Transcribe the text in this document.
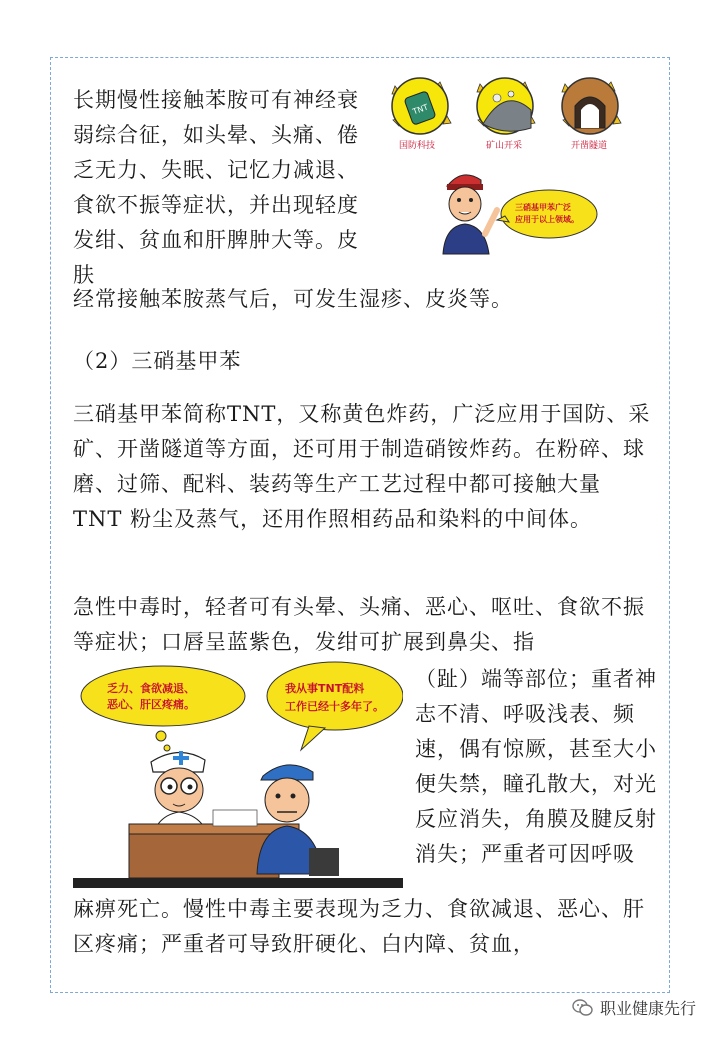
长期慢性接触苯胺可有神经衰弱综合征，如头晕、头痛、倦乏无力、失眠、记忆力减退、食欲不振等症状，并出现轻度发绀、贫血和肝脾肿大等。皮肤

TNT
国防科技	矿山开采	开凿隧道
三硝基甲苯广泛
应用于以上领域。

经常接触苯胺蒸气后，可发生湿疹、皮炎等。

（2）三硝基甲苯

三硝基甲苯简称TNT，又称黄色炸药，广泛应用于国防、采矿、开凿隧道等方面，还可用于制造硝铵炸药。在粉碎、球磨、过筛、配料、装药等生产工艺过程中都可接触大量 TNT 粉尘及蒸气，还用作照相药品和染料的中间体。

急性中毒时，轻者可有头晕、头痛、恶心、呕吐、食欲不振等症状；口唇呈蓝紫色，发绀可扩展到鼻尖、指

乏力、食欲减退、
恶心、肝区疼痛。
我从事TNT配料
工作已经十多年了。

（趾）端等部位；重者神志不清、呼吸浅表、频速，偶有惊厥，甚至大小便失禁，瞳孔散大，对光反应消失，角膜及腱反射消失；严重者可因呼吸

麻痹死亡。慢性中毒主要表现为乏力、食欲减退、恶心、肝区疼痛；严重者可导致肝硬化、白内障、贫血，

职业健康先行
